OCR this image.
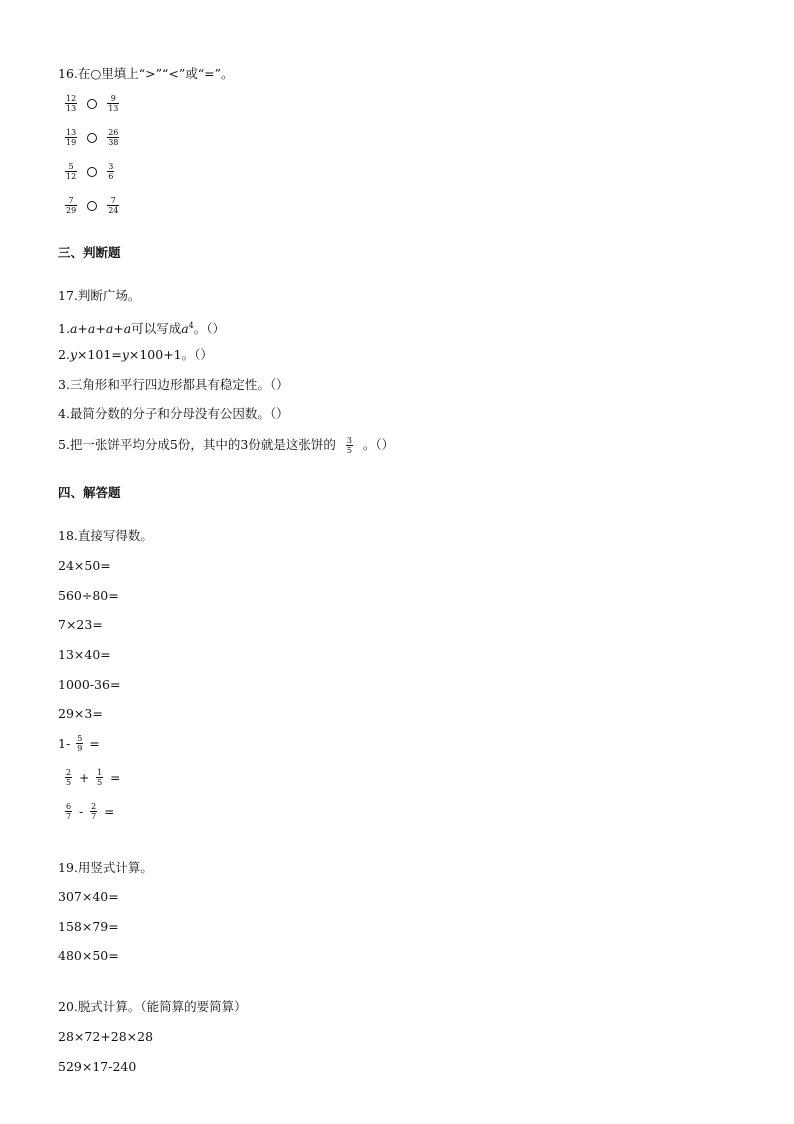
16.在○里填上“>”“<”或“=”。
$\frac{12}{13}$	$\frac{9}{13}$
$\frac{13}{19}$	$\frac{26}{38}$
$\frac{5}{12}$	$\frac{3}{6}$
$\frac{7}{29}$	$\frac{7}{24}$
三、判断题
17.判断广场。
1.a+a+a+a可以写成$a^4$。（）
2.y×101=y×100+1。（）
3.三角形和平行四边形都具有稳定性。（）
4.最简分数的分子和分母没有公因数。（）
5.把一张饼平均分成5份，其中的3份就是这张饼的 $\frac{3}{5}$ 。（）
四、解答题
18.直接写得数。
24×50=
560÷80=
7×23=
13×40=
1000-36=
29×3=
$1- \frac{5}{9}$ =
$\frac{2}{5} + \frac{1}{5}$ =
$\frac{6}{7} - \frac{2}{7}$ =
19.用竖式计算。
307×40=
158×79=
480×50=
20.脱式计算。（能简算的要简算）
28×72+28×28
529×17-240
